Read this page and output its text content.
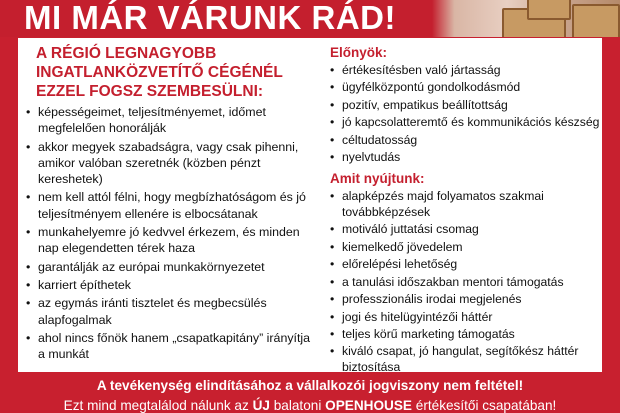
MI MÁR VÁRUNK RÁD!
A RÉGIÓ LEGNAGYOBB
INGATLANKÖZVETÍTŐ CÉGÉNÉL
EZZEL FOGSZ SZEMBESÜLNI:
• képességeimet, teljesítményemet, időmet megfelelően honorálják
• akkor megyek szabadságra, vagy csak pihenni, amikor valóban szeretnék (közben pénzt kereshetek)
• nem kell attól félni, hogy megbízhatóságom és jó teljesítményem ellenére is elbocsátanak
• munkahelyemre jó kedvvel érkezem, és minden nap elegendetten térek haza
• garantálják az európai munkakörnyezetet
• karriert építhetek
• az egymás iránti tisztelet és megbecsülés alapfogalmak
• ahol nincs főnök hanem „csapatkapitány” irányítja a munkát
Előnyök:
• értékesítésben való jártasság
• ügyfélközpontú gondolkodásmód
• pozitív, empatikus beállítottság
• jó kapcsolatteremtő és kommunikációs készség
• céltudatosság
• nyelvtudás
Amit nyújtunk:
• alapképzés majd folyamatos szakmai továbbképzések
• motiváló juttatási csomag
• kiemelkedő jövedelem
• előrelépési lehetőség
• a tanulási időszakban mentori támogatás
• professzionális irodai megjelenés
• jogi és hitelügyintézői háttér
• teljes körű marketing támogatás
• kiváló csapat, jó hangulat, segítőkész háttér biztosítása
A tevékenység elindításához a vállalkozói jogviszony nem feltétel!
Ezt mind megtalálod nálunk az ÚJ balatoni OPENHOUSE értékesítői csapatában!
